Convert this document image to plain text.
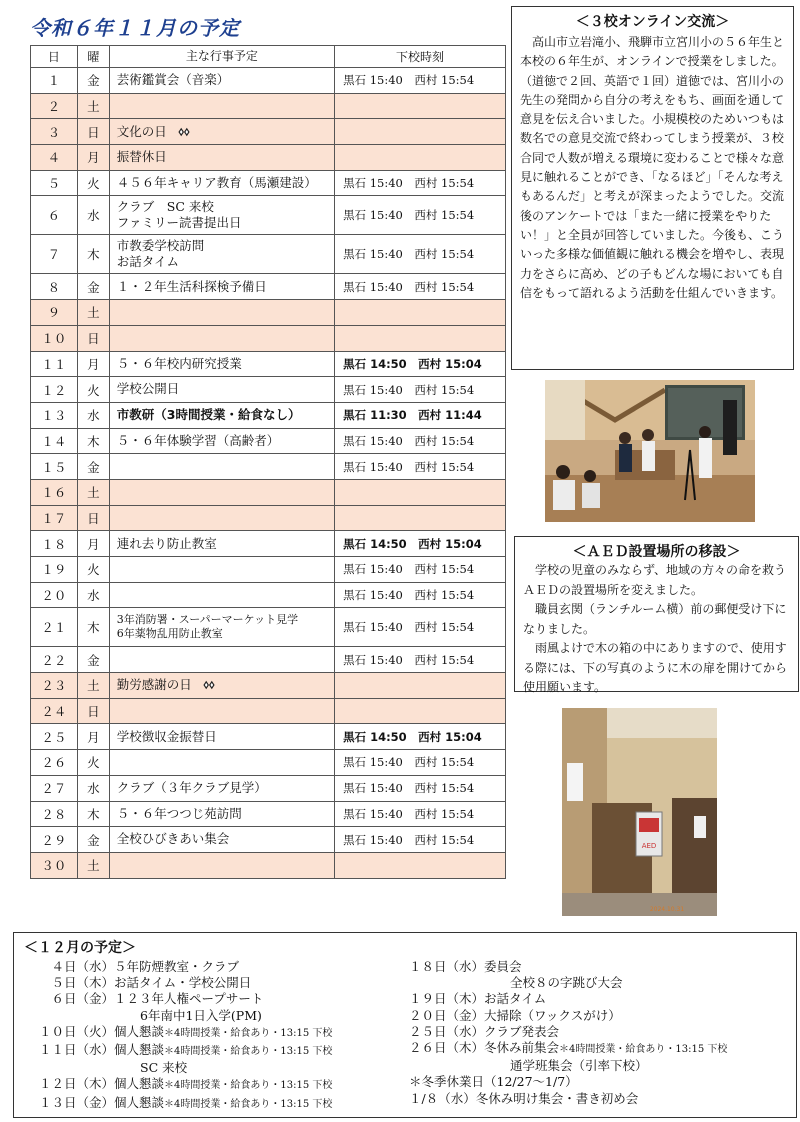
令和６年１１月の予定
日	曜	主な行事予定	下校時刻
１	金	芸術鑑賞会（音楽）	黒石 15:40　西村 15:54
２	土		
３	日	文化の日	

４	月	振替休日	

５	火	４５６年キャリア教育（馬瀬建設）	黒石 15:40　西村 15:54
６	水	クラブ　SC 来校
ファミリー読書提出日	黒石 15:40　西村 15:54
７	木	市教委学校訪問
お話タイム	黒石 15:40　西村 15:54
８	金	１・２年生活科探検予備日	黒石 15:40　西村 15:54
９	土		
１０	日		
１１	月	５・６年校内研究授業	黒石 14:50　西村 15:04
１２	火	学校公開日	黒石 15:40　西村 15:54
１３	水	市教研（3時間授業・給食なし）	黒石 11:30　西村 11:44
１４	木	５・６年体験学習（高齢者）	黒石 15:40　西村 15:54
１５	金		黒石 15:40　西村 15:54
１６	土		
１７	日		
１８	月	連れ去り防止教室	黒石 14:50　西村 15:04
１９	火		黒石 15:40　西村 15:54
２０	水		黒石 15:40　西村 15:54
２１	木	3年消防署・スーパーマーケット見学
6年薬物乱用防止教室	黒石 15:40　西村 15:54
２２	金		黒石 15:40　西村 15:54
２３	土	勤労感謝の日	

２４	日		
２５	月	学校徴収金振替日	黒石 14:50　西村 15:04
２６	火		黒石 15:40　西村 15:54
２７	水	クラブ（３年クラブ見学）	黒石 15:40　西村 15:54
２８	木	５・６年つつじ苑訪問	黒石 15:40　西村 15:54
２９	金	全校ひびきあい集会	黒石 15:40　西村 15:54
３０	土		
＜３校オンライン交流＞
高山市立岩滝小、飛騨市立宮川小の５６年生と本校の６年生が、オンラインで授業をしました。（道徳で２回、英語で１回）道徳では、宮川小の先生の発問から自分の考えをもち、画面を通して意見を伝え合いました。小規模校のためいつもは数名での意見交流で終わってしまう授業が、３校合同で人数が増える環境に変わることで様々な意見に触れることができ、「なるほど」「そんな考えもあるんだ」と考えが深まったようでした。交流後のアンケートでは「また一緒に授業をやりたい！」と全員が回答していました。今後も、こういった多様な価値観に触れる機会を増やし、表現力をさらに高め、どの子もどんな場においても自信をもって語れるよう活動を仕組んでいきます。
＜ＡＥＤ設置場所の移設＞

学校の児童のみならず、地域の方々の命を救うＡＥＤの設置場所を変えました。

職員玄関（ランチルーム横）前の郵便受け下になりました。

雨風よけで木の箱の中にありますので、使用する際には、下の写真のように木の扉を開けてから使用願います。

AED
2024.10.31
＜１２月の予定＞
　４日（水）５年防煙教室・クラブ
　５日（木）お話タイム・学校公開日
　６日（金）１２３年人権ペープサート
6年南中1日入学(PM)
１０日（火）個人懇談＊4時間授業・給食あり・13:15 下校
１１日（水）個人懇談＊4時間授業・給食あり・13:15 下校
SC 来校
１２日（木）個人懇談＊4時間授業・給食あり・13:15 下校
１３日（金）個人懇談＊4時間授業・給食あり・13:15 下校
１８日（水）委員会
全校８の字跳び大会
１９日（木）お話タイム
２０日（金）大掃除（ワックスがけ）
２５日（水）クラブ発表会
２６日（木）冬休み前集会＊4時間授業・給食あり・13:15 下校
通学班集会（引率下校）
＊冬季休業日（12/27～1/7）
１/８（水）冬休み明け集会・書き初め会
